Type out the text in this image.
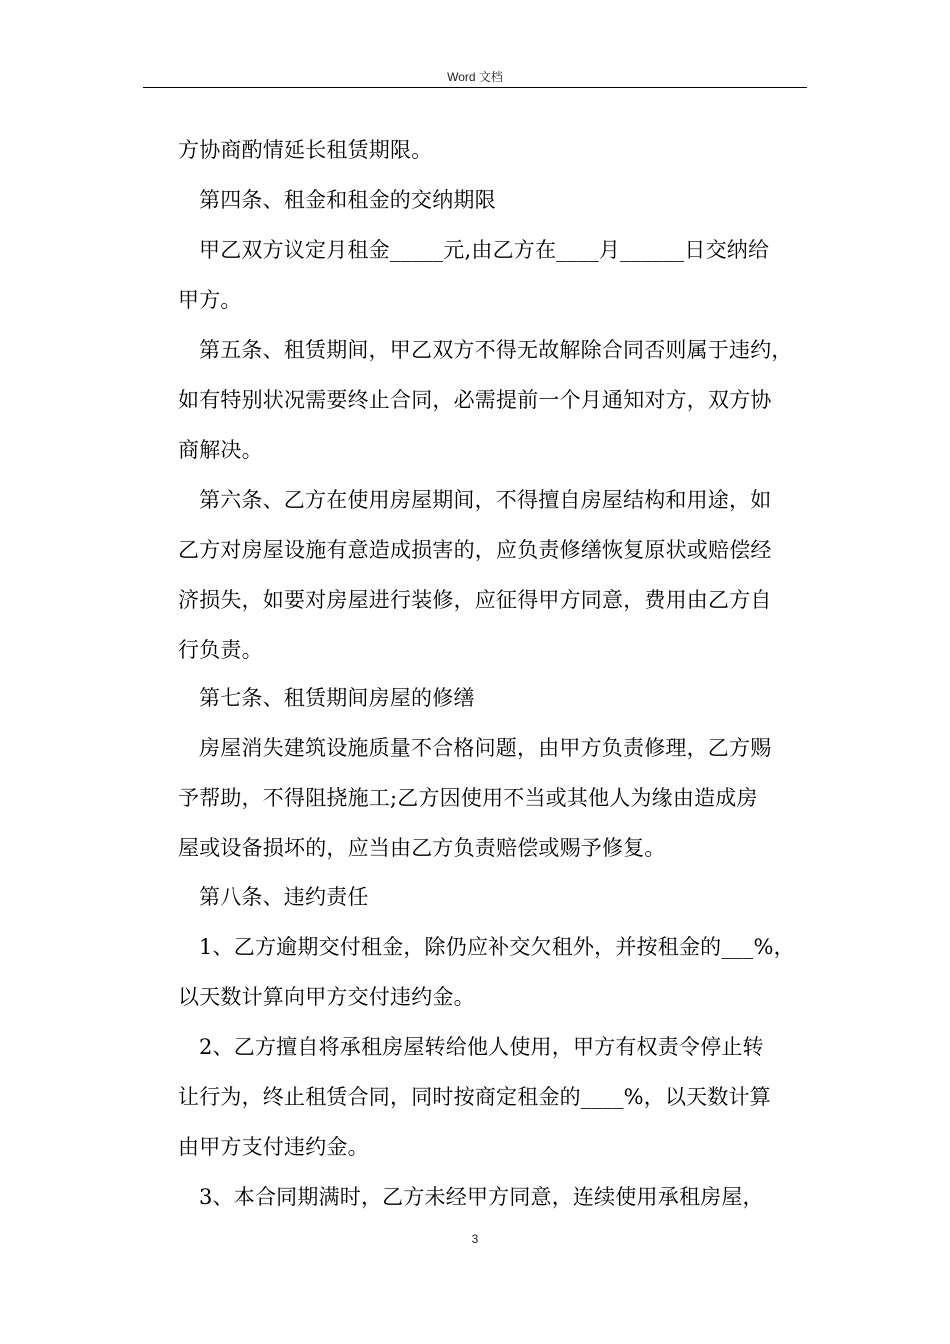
Word 文档
方协商酌情延长租赁期限。
第四条、租金和租金的交纳期限
甲乙双方议定月租金_____元,由乙方在____月______日交纳给
甲方。
第五条、租赁期间，甲乙双方不得无故解除合同否则属于违约，
如有特别状况需要终止合同，必需提前一个月通知对方，双方协
商解决。
第六条、乙方在使用房屋期间，不得擅自房屋结构和用途，如
乙方对房屋设施有意造成损害的，应负责修缮恢复原状或赔偿经
济损失，如要对房屋进行装修，应征得甲方同意，费用由乙方自
行负责。
第七条、租赁期间房屋的修缮
房屋消失建筑设施质量不合格问题，由甲方负责修理，乙方赐
予帮助，不得阻挠施工;乙方因使用不当或其他人为缘由造成房
屋或设备损坏的，应当由乙方负责赔偿或赐予修复。
第八条、违约责任
1、乙方逾期交付租金，除仍应补交欠租外，并按租金的___%，
以天数计算向甲方交付违约金。
2、乙方擅自将承租房屋转给他人使用，甲方有权责令停止转
让行为，终止租赁合同，同时按商定租金的____%，以天数计算
由甲方支付违约金。
3、本合同期满时，乙方未经甲方同意，连续使用承租房屋，
3
